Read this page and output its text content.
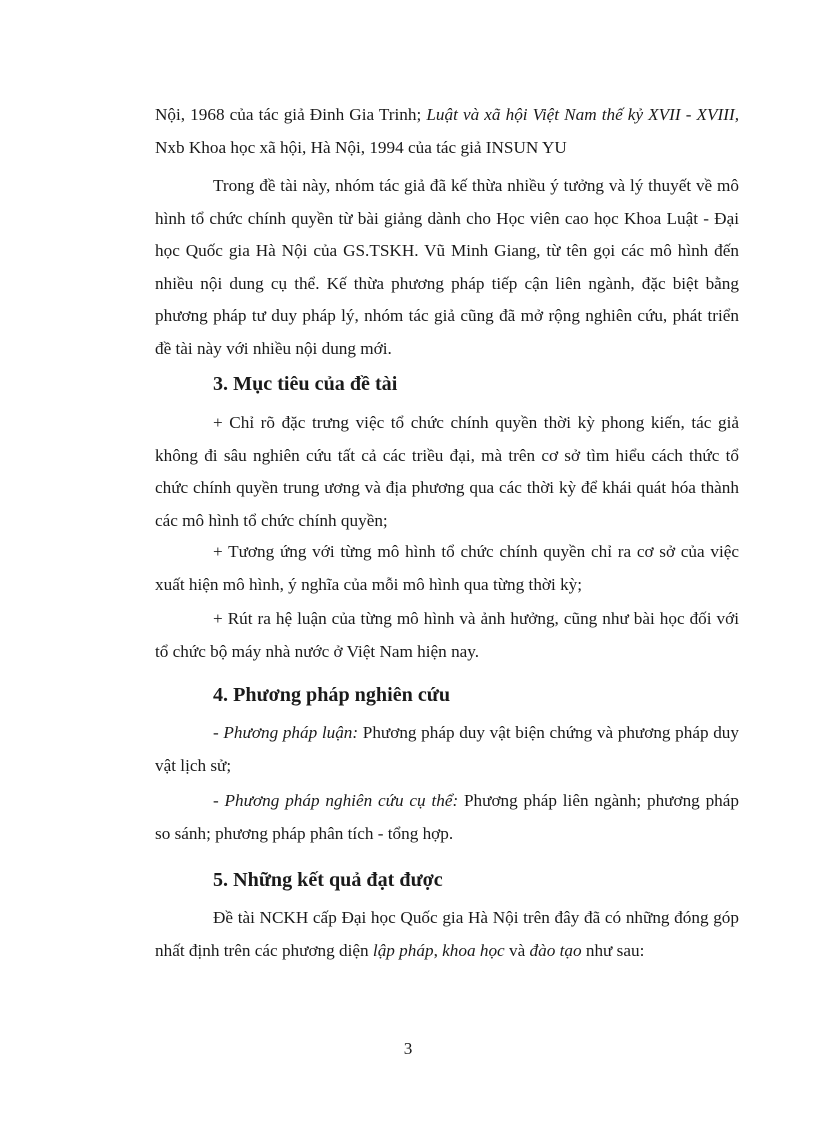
Nội, 1968 của tác giả Đinh Gia Trinh; Luật và xã hội Việt Nam thế kỷ XVII - XVIII, Nxb Khoa học xã hội, Hà Nội, 1994 của tác giả INSUN YU

Trong đề tài này, nhóm tác giả đã kế thừa nhiều ý tưởng và lý thuyết về mô hình tổ chức chính quyền từ bài giảng dành cho Học viên cao học Khoa Luật - Đại học Quốc gia Hà Nội của GS.TSKH. Vũ Minh Giang, từ tên gọi các mô hình đến nhiều nội dung cụ thể. Kế thừa phương pháp tiếp cận liên ngành, đặc biệt bằng phương pháp tư duy pháp lý, nhóm tác giả cũng đã mở rộng nghiên cứu, phát triển đề tài này với nhiều nội dung mới.

3. Mục tiêu của đề tài

+ Chỉ rõ đặc trưng việc tổ chức chính quyền thời kỳ phong kiến, tác giả không đi sâu nghiên cứu tất cả các triều đại, mà trên cơ sở tìm hiểu cách thức tổ chức chính quyền trung ương và địa phương qua các thời kỳ để khái quát hóa thành các mô hình tổ chức chính quyền;

+ Tương ứng với từng mô hình tổ chức chính quyền chỉ ra cơ sở của việc xuất hiện mô hình, ý nghĩa của mỗi mô hình qua từng thời kỳ;

+ Rút ra hệ luận của từng mô hình và ảnh hưởng, cũng như bài học đối với tổ chức bộ máy nhà nước ở Việt Nam hiện nay.

4. Phương pháp nghiên cứu

- Phương pháp luận: Phương pháp duy vật biện chứng và phương pháp duy vật lịch sử;

- Phương pháp nghiên cứu cụ thể: Phương pháp liên ngành; phương pháp so sánh; phương pháp phân tích - tổng hợp.

5. Những kết quả đạt được

Đề tài NCKH cấp Đại học Quốc gia Hà Nội trên đây đã có những đóng góp nhất định trên các phương diện lập pháp, khoa học và đào tạo như sau:

3
